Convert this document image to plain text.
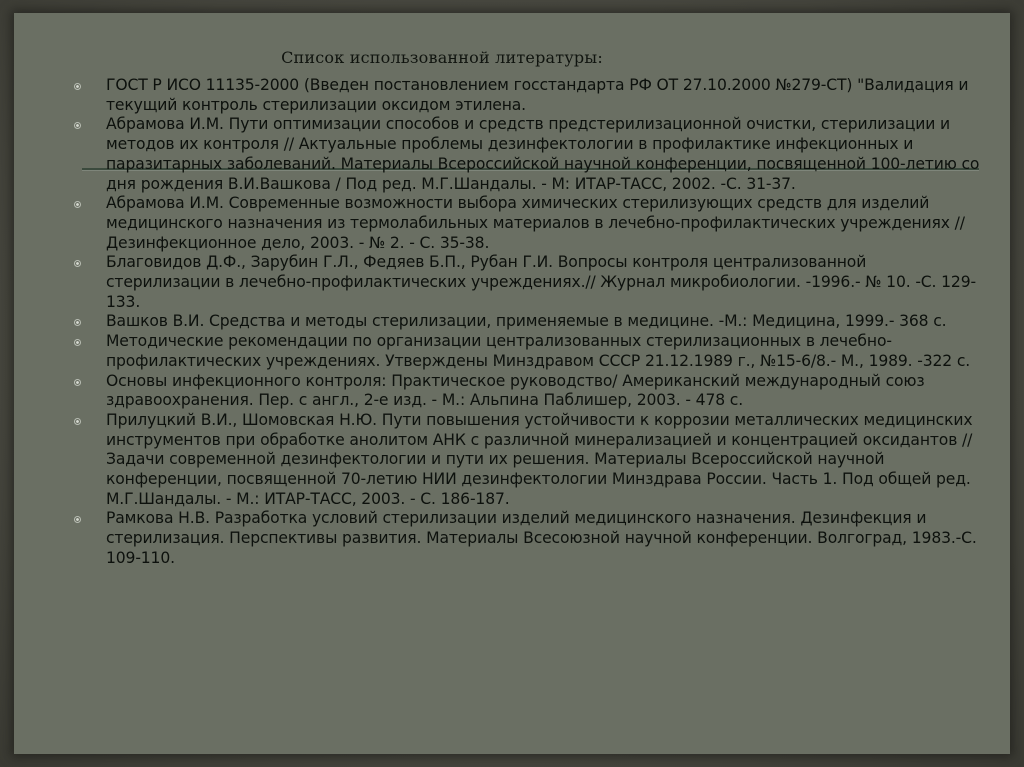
Список использованной литературы:
ГОСТ Р ИСО 11135-2000 (Введен постановлением госстандарта РФ ОТ 27.10.2000 №279-СТ) "Валидация и текущий контроль стерилизации оксидом этилена.
Абрамова И.М. Пути оптимизации способов и средств предстерилизационной очистки, стерилизации и методов их контроля // Актуальные проблемы дезинфектологии в профилактике инфекционных и паразитарных заболеваний. Материалы Всероссийской научной конференции, посвященной 100-летию со дня рождения В.И.Вашкова / Под ред. М.Г.Шандалы. - М: ИТАР-ТАСС, 2002. -С. 31-37.
Абрамова И.М. Современные возможности выбора химических стерилизующих средств для изделий медицинского назначения из термолабильных материалов в лечебно-профилактических учреждениях // Дезинфекционное дело, 2003. - № 2. - С. 35-38.
Благовидов Д.Ф., Зарубин Г.Л., Федяев Б.П., Рубан Г.И. Вопросы контроля централизованной стерилизации в лечебно-профилактических учреждениях.// Журнал микробиологии. -1996.- № 10. -С. 129-133.
Вашков В.И. Средства и методы стерилизации, применяемые в медицине. -М.: Медицина, 1999.- 368 с.
Методические рекомендации по организации централизованных стерилизационных в лечебно-профилактических учреждениях. Утверждены Минздравом СССР 21.12.1989 г., №15-6/8.- М., 1989. -322 с.
Основы инфекционного контроля: Практическое руководство/ Американский международный союз здравоохранения. Пер. с англ., 2-е изд. - М.: Альпина Паблишер, 2003. - 478 с.
Прилуцкий В.И., Шомовская Н.Ю. Пути повышения устойчивости к коррозии металлических медицинских инструментов при обработке анолитом АНК с различной минерализацией и концентрацией оксидантов // Задачи современной дезинфектологии и пути их решения. Материалы Всероссийской научной конференции, посвященной 70-летию НИИ дезинфектологии Минздрава России. Часть 1. Под общей ред. М.Г.Шандалы. - М.: ИТАР-ТАСС, 2003. - С. 186-187.
Рамкова Н.В. Разработка условий стерилизации изделий медицинского назначения. Дезинфекция и стерилизация. Перспективы развития. Материалы Всесоюзной научной конференции. Волгоград, 1983.-С. 109-110.
